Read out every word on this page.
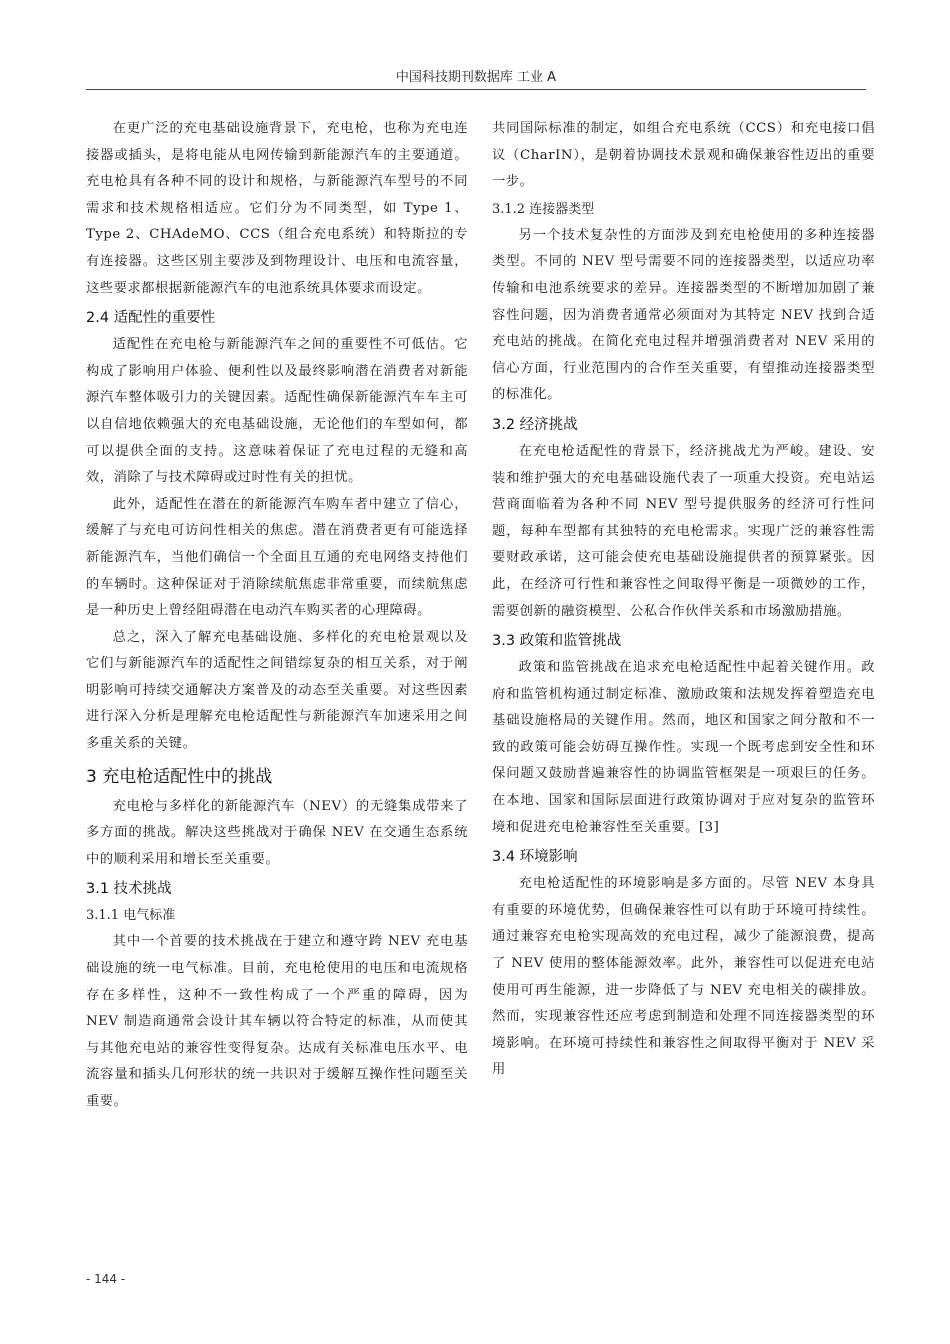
中国科技期刊数据库 工业 A

在更广泛的充电基础设施背景下，充电枪，也称为充电连接器或插头，是将电能从电网传输到新能源汽车的主要通道。充电枪具有各种不同的设计和规格，与新能源汽车型号的不同需求和技术规格相适应。它们分为不同类型，如 Type 1、Type 2、CHAdeMO、CCS（组合充电系统）和特斯拉的专有连接器。这些区别主要涉及到物理设计、电压和电流容量，这些要求都根据新能源汽车的电池系统具体要求而设定。

2.4 适配性的重要性

适配性在充电枪与新能源汽车之间的重要性不可低估。它构成了影响用户体验、便利性以及最终影响潜在消费者对新能源汽车整体吸引力的关键因素。适配性确保新能源汽车车主可以自信地依赖强大的充电基础设施，无论他们的车型如何，都可以提供全面的支持。这意味着保证了充电过程的无缝和高效，消除了与技术障碍或过时性有关的担忧。

此外，适配性在潜在的新能源汽车购车者中建立了信心，缓解了与充电可访问性相关的焦虑。潜在消费者更有可能选择新能源汽车，当他们确信一个全面且互通的充电网络支持他们的车辆时。这种保证对于消除续航焦虑非常重要，而续航焦虑是一种历史上曾经阻碍潜在电动汽车购买者的心理障碍。

总之，深入了解充电基础设施、多样化的充电枪景观以及它们与新能源汽车的适配性之间错综复杂的相互关系，对于阐明影响可持续交通解决方案普及的动态至关重要。对这些因素进行深入分析是理解充电枪适配性与新能源汽车加速采用之间多重关系的关键。

3 充电枪适配性中的挑战

充电枪与多样化的新能源汽车（NEV）的无缝集成带来了多方面的挑战。解决这些挑战对于确保 NEV 在交通生态系统中的顺利采用和增长至关重要。

3.1 技术挑战
3.1.1 电气标准

其中一个首要的技术挑战在于建立和遵守跨 NEV 充电基础设施的统一电气标准。目前，充电枪使用的电压和电流规格存在多样性，这种不一致性构成了一个严重的障碍，因为 NEV 制造商通常会设计其车辆以符合特定的标准，从而使其与其他充电站的兼容性变得复杂。达成有关标准电压水平、电流容量和插头几何形状的统一共识对于缓解互操作性问题至关重要。

共同国际标准的制定，如组合充电系统（CCS）和充电接口倡议（CharIN），是朝着协调技术景观和确保兼容性迈出的重要一步。

3.1.2 连接器类型

另一个技术复杂性的方面涉及到充电枪使用的多种连接器类型。不同的 NEV 型号需要不同的连接器类型，以适应功率传输和电池系统要求的差异。连接器类型的不断增加加剧了兼容性问题，因为消费者通常必须面对为其特定 NEV 找到合适充电站的挑战。在简化充电过程并增强消费者对 NEV 采用的信心方面，行业范围内的合作至关重要，有望推动连接器类型的标准化。

3.2 经济挑战

在充电枪适配性的背景下，经济挑战尤为严峻。建设、安装和维护强大的充电基础设施代表了一项重大投资。充电站运营商面临着为各种不同 NEV 型号提供服务的经济可行性问题，每种车型都有其独特的充电枪需求。实现广泛的兼容性需要财政承诺，这可能会使充电基础设施提供者的预算紧张。因此，在经济可行性和兼容性之间取得平衡是一项微妙的工作，需要创新的融资模型、公私合作伙伴关系和市场激励措施。

3.3 政策和监管挑战

政策和监管挑战在追求充电枪适配性中起着关键作用。政府和监管机构通过制定标准、激励政策和法规发挥着塑造充电基础设施格局的关键作用。然而，地区和国家之间分散和不一致的政策可能会妨碍互操作性。实现一个既考虑到安全性和环保问题又鼓励普遍兼容性的协调监管框架是一项艰巨的任务。在本地、国家和国际层面进行政策协调对于应对复杂的监管环境和促进充电枪兼容性至关重要。[3]

3.4 环境影响

充电枪适配性的环境影响是多方面的。尽管 NEV 本身具有重要的环境优势，但确保兼容性可以有助于环境可持续性。通过兼容充电枪实现高效的充电过程，减少了能源浪费，提高了 NEV 使用的整体能源效率。此外，兼容性可以促进充电站使用可再生能源，进一步降低了与 NEV 充电相关的碳排放。然而，实现兼容性还应考虑到制造和处理不同连接器类型的环境影响。在环境可持续性和兼容性之间取得平衡对于 NEV 采用

- 144 -
